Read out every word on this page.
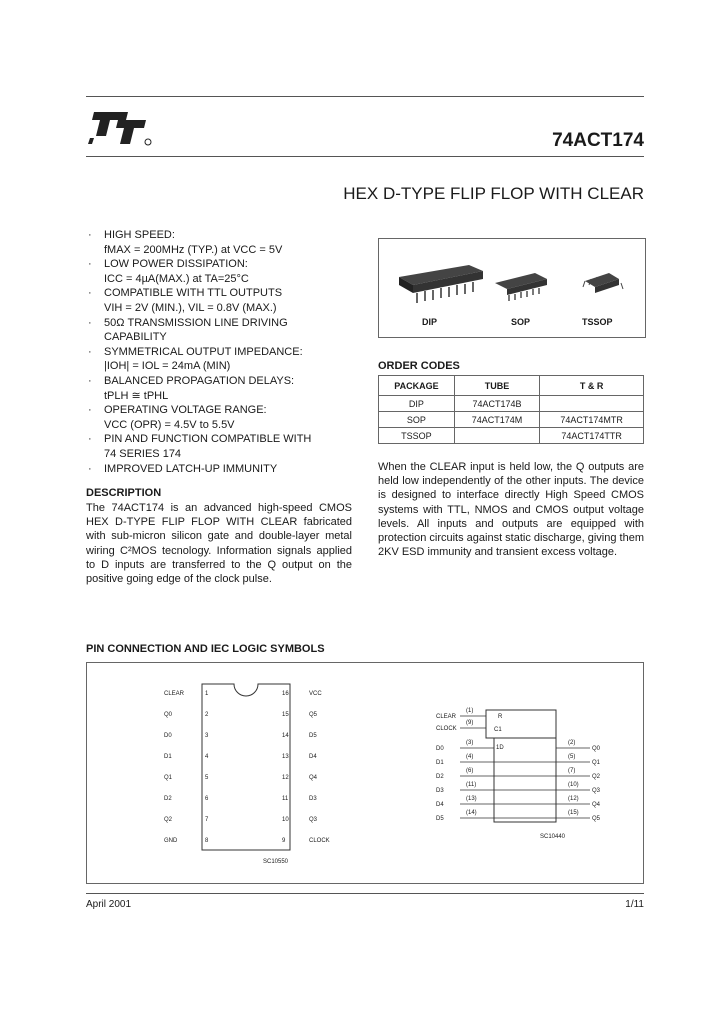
74ACT174
HEX D-TYPE FLIP FLOP WITH CLEAR
· HIGH SPEED:
fMAX = 200MHz (TYP.) at VCC = 5V
· LOW POWER DISSIPATION:
ICC = 4µA(MAX.) at TA=25°C
· COMPATIBLE WITH TTL OUTPUTS
VIH = 2V (MIN.), VIL = 0.8V (MAX.)
· 50Ω TRANSMISSION LINE DRIVING
CAPABILITY
· SYMMETRICAL OUTPUT IMPEDANCE:
|IOH| = IOL = 24mA (MIN)
· BALANCED PROPAGATION DELAYS:
tPLH ≅ tPHL
· OPERATING VOLTAGE RANGE:
VCC (OPR) = 4.5V to 5.5V
· PIN AND FUNCTION COMPATIBLE WITH
74 SERIES 174
· IMPROVED LATCH-UP IMMUNITY
DIP	SOP	TSSOP
ORDER CODES
PACKAGE	TUBE	T & R
DIP	74ACT174B	
SOP	74ACT174M	74ACT174MTR
TSSOP		74ACT174TTR
DESCRIPTION
The 74ACT174 is an advanced high-speed CMOS HEX D-TYPE FLIP FLOP WITH CLEAR fabricated with sub-micron silicon gate and double-layer metal wiring C²MOS tecnology. Information signals applied to D inputs are transferred to the Q output on the positive going edge of the clock pulse.
When the CLEAR input is held low, the Q outputs are held low independently of the other inputs. The device is designed to interface directly High Speed CMOS systems with TTL, NMOS and CMOS output voltage levels. All inputs and outputs are equipped with protection circuits against static discharge, giving them 2KV ESD immunity and transient excess voltage.
PIN CONNECTION AND IEC LOGIC SYMBOLS
CLEAR	1
Q0	2
D0	3
D1	4
Q1	5
D2	6
Q2	7
GND	8
16	VCC
15	Q5
14	D5
13	D4
12	Q4
11	D3
10	Q3
9	CLOCK
SC10550
CLEAR
(1)
CLOCK
(9)
D0
(3)
D1
(4)
D2
(6)
D3
(11)
D4
(13)
D5
(14)
(2)
Q0
(5)
Q1
(7)
Q2
(10)
Q3
(12)
Q4
(15)
Q5
R
C1
1D
SC10440
April 2001	1/11
